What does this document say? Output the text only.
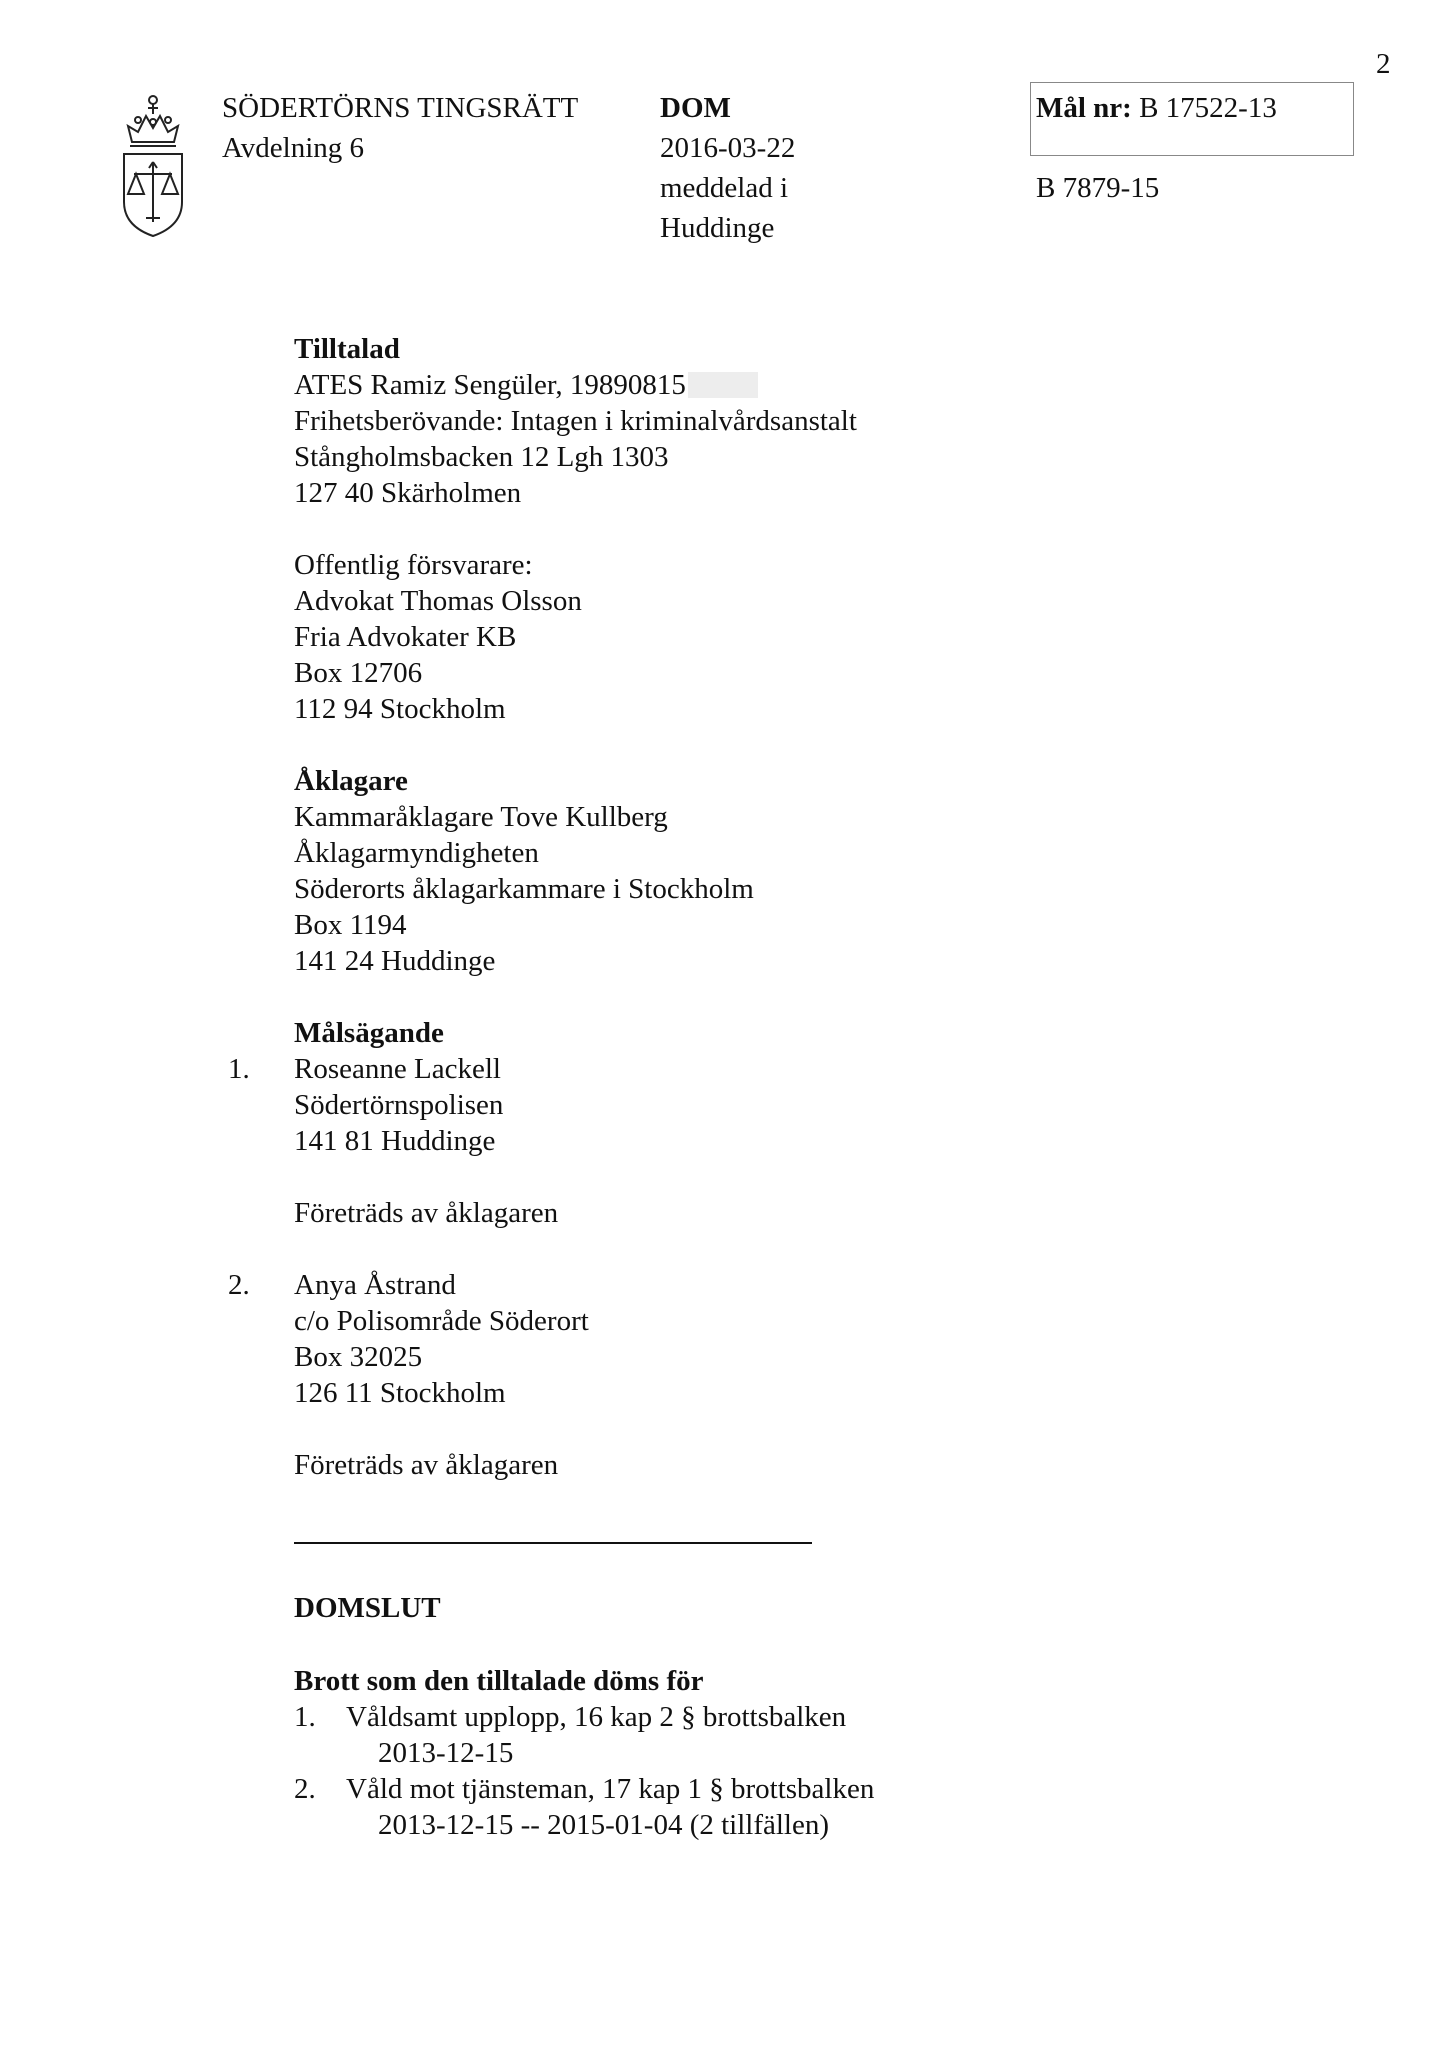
2
SÖDERTÖRNS TINGSRÄTT
Avdelning 6
DOM
2016-03-22
meddelad i
Huddinge
Mål nr: B 17522-13
B 7879-15
Tilltalad
ATES Ramiz Sengüler, 19890815
Frihetsberövande: Intagen i kriminalvårdsanstalt
Stångholmsbacken 12 Lgh 1303
127 40 Skärholmen
Offentlig försvarare:
Advokat Thomas Olsson
Fria Advokater KB
Box 12706
112 94 Stockholm
Åklagare
Kammaråklagare Tove Kullberg
Åklagarmyndigheten
Söderorts åklagarkammare i Stockholm
Box 1194
141 24 Huddinge
Målsägande
1. Roseanne Lackell
Södertörnspolisen
141 81 Huddinge
Företräds av åklagaren
2. Anya Åstrand
c/o Polisområde Söderort
Box 32025
126 11 Stockholm
Företräds av åklagaren
DOMSLUT
Brott som den tilltalade döms för
1. Våldsamt upplopp, 16 kap 2 § brottsbalken
2013-12-15
2. Våld mot tjänsteman, 17 kap 1 § brottsbalken
2013-12-15 -- 2015-01-04 (2 tillfällen)
